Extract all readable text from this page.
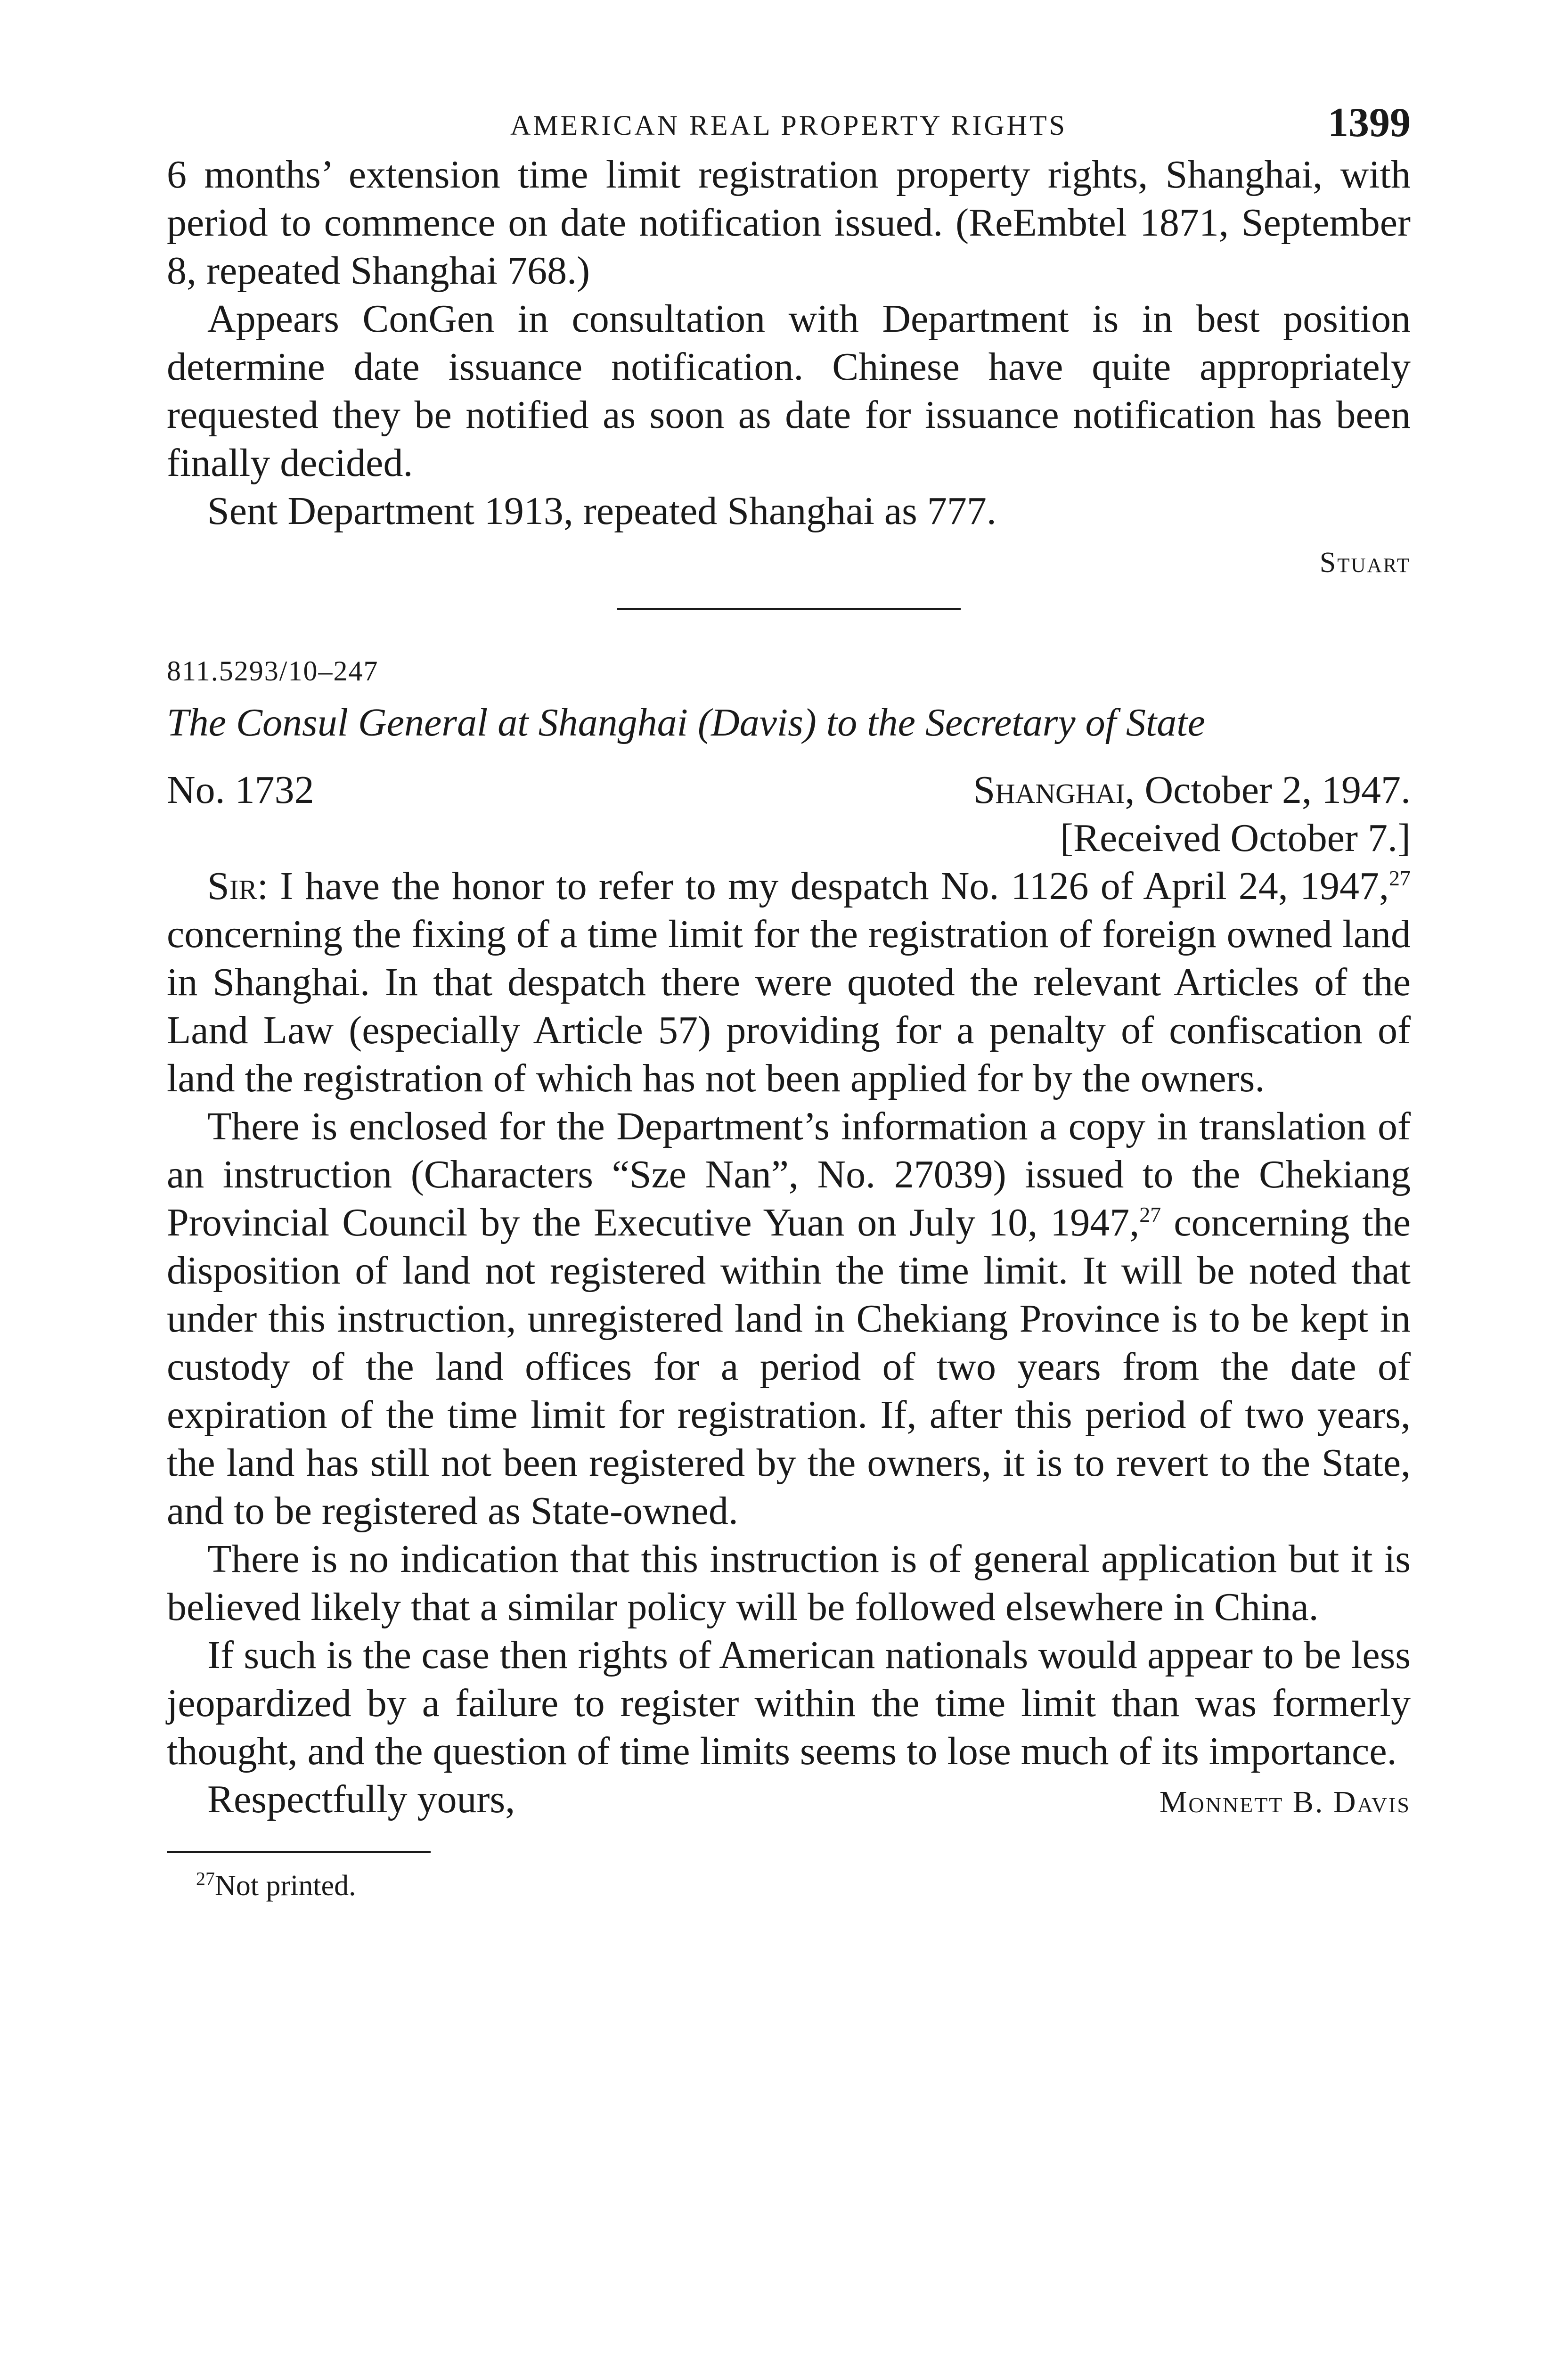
AMERICAN REAL PROPERTY RIGHTS	1399

6 months’ extension time limit registration property rights, Shanghai, with period to commence on date notification issued. (ReEmbtel 1871, September 8, repeated Shanghai 768.)

Appears ConGen in consultation with Department is in best position determine date issuance notification. Chinese have quite appropriately requested they be notified as soon as date for issuance notification has been finally decided.

Sent Department 1913, repeated Shanghai as 777.

Stuart
811.5293/10–247
The Consul General at Shanghai (Davis) to the Secretary of State
No. 1732	Shanghai, October 2, 1947.
[Received October 7.]

Sir: I have the honor to refer to my despatch No. 1126 of April 24, 1947,27 concerning the fixing of a time limit for the registration of foreign owned land in Shanghai. In that despatch there were quoted the relevant Articles of the Land Law (especially Article 57) providing for a penalty of confiscation of land the registration of which has not been applied for by the owners.

There is enclosed for the Department’s information a copy in translation of an instruction (Characters “Sze Nan”, No. 27039) issued to the Chekiang Provincial Council by the Executive Yuan on July 10, 1947,27 concerning the disposition of land not registered within the time limit. It will be noted that under this instruction, unregistered land in Chekiang Province is to be kept in custody of the land offices for a period of two years from the date of expiration of the time limit for registration. If, after this period of two years, the land has still not been registered by the owners, it is to revert to the State, and to be registered as State-owned.

There is no indication that this instruction is of general application but it is believed likely that a similar policy will be followed elsewhere in China.

If such is the case then rights of American nationals would appear to be less jeopardized by a failure to register within the time limit than was formerly thought, and the question of time limits seems to lose much of its importance.

Respectfully yours,	Monnett B. Davis
$^{27}$Not printed.
